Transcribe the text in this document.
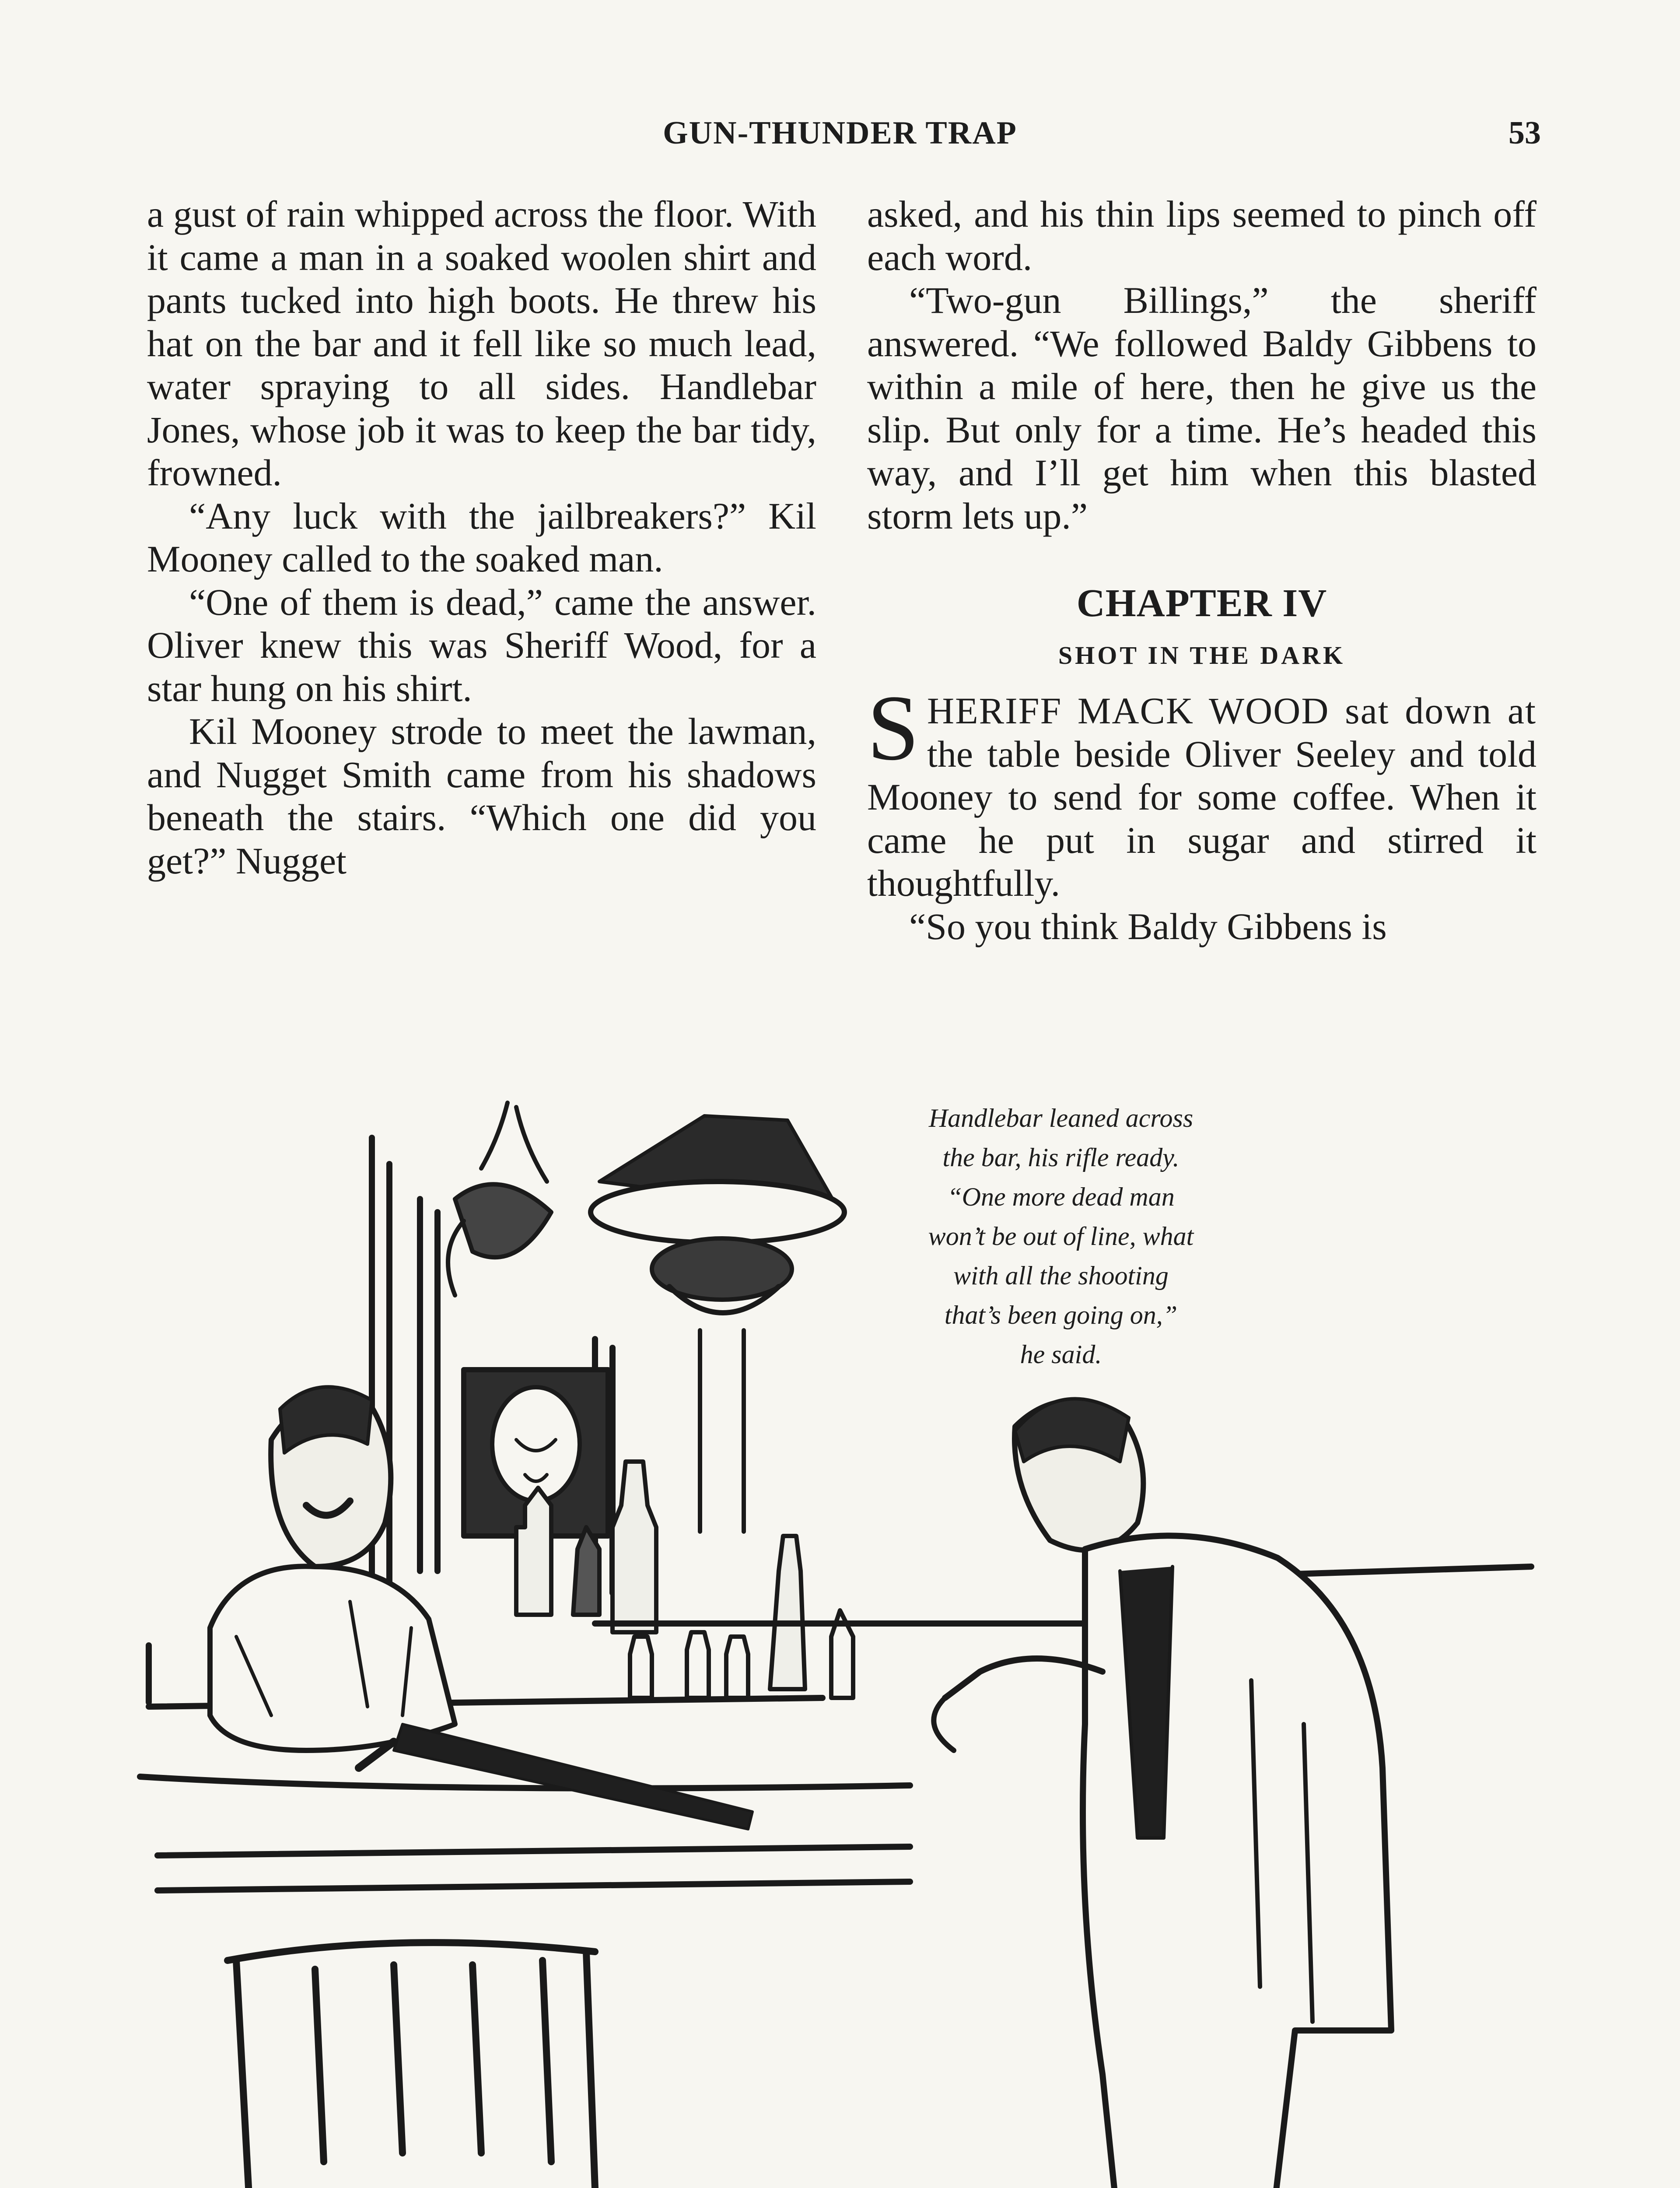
GUN-THUNDER TRAP	53

a gust of rain whipped across the floor. With it came a man in a soaked woolen shirt and pants tucked into high boots. He threw his hat on the bar and it fell like so much lead, water spraying to all sides. Handlebar Jones, whose job it was to keep the bar tidy, frowned.

“Any luck with the jailbreakers?” Kil Mooney called to the soaked man.

“One of them is dead,” came the answer. Oliver knew this was Sheriff Wood, for a star hung on his shirt.

Kil Mooney strode to meet the lawman, and Nugget Smith came from his shadows beneath the stairs. “Which one did you get?” Nugget

asked, and his thin lips seemed to pinch off each word.

“Two-gun Billings,” the sheriff answered. “We followed Baldy Gibbens to within a mile of here, then he give us the slip. But only for a time. He’s headed this way, and I’ll get him when this blasted storm lets up.”

CHAPTER IV

SHOT IN THE DARK

SHERIFF MACK WOOD sat down at the table beside Oliver Seeley and told Mooney to send for some coffee. When it came he put in sugar and stirred it thoughtfully.

“So you think Baldy Gibbens is

Handlebar leaned across
the bar, his rifle ready.
“One more dead man
won’t be out of line, what
with all the shooting
that’s been going on,”
he said.
